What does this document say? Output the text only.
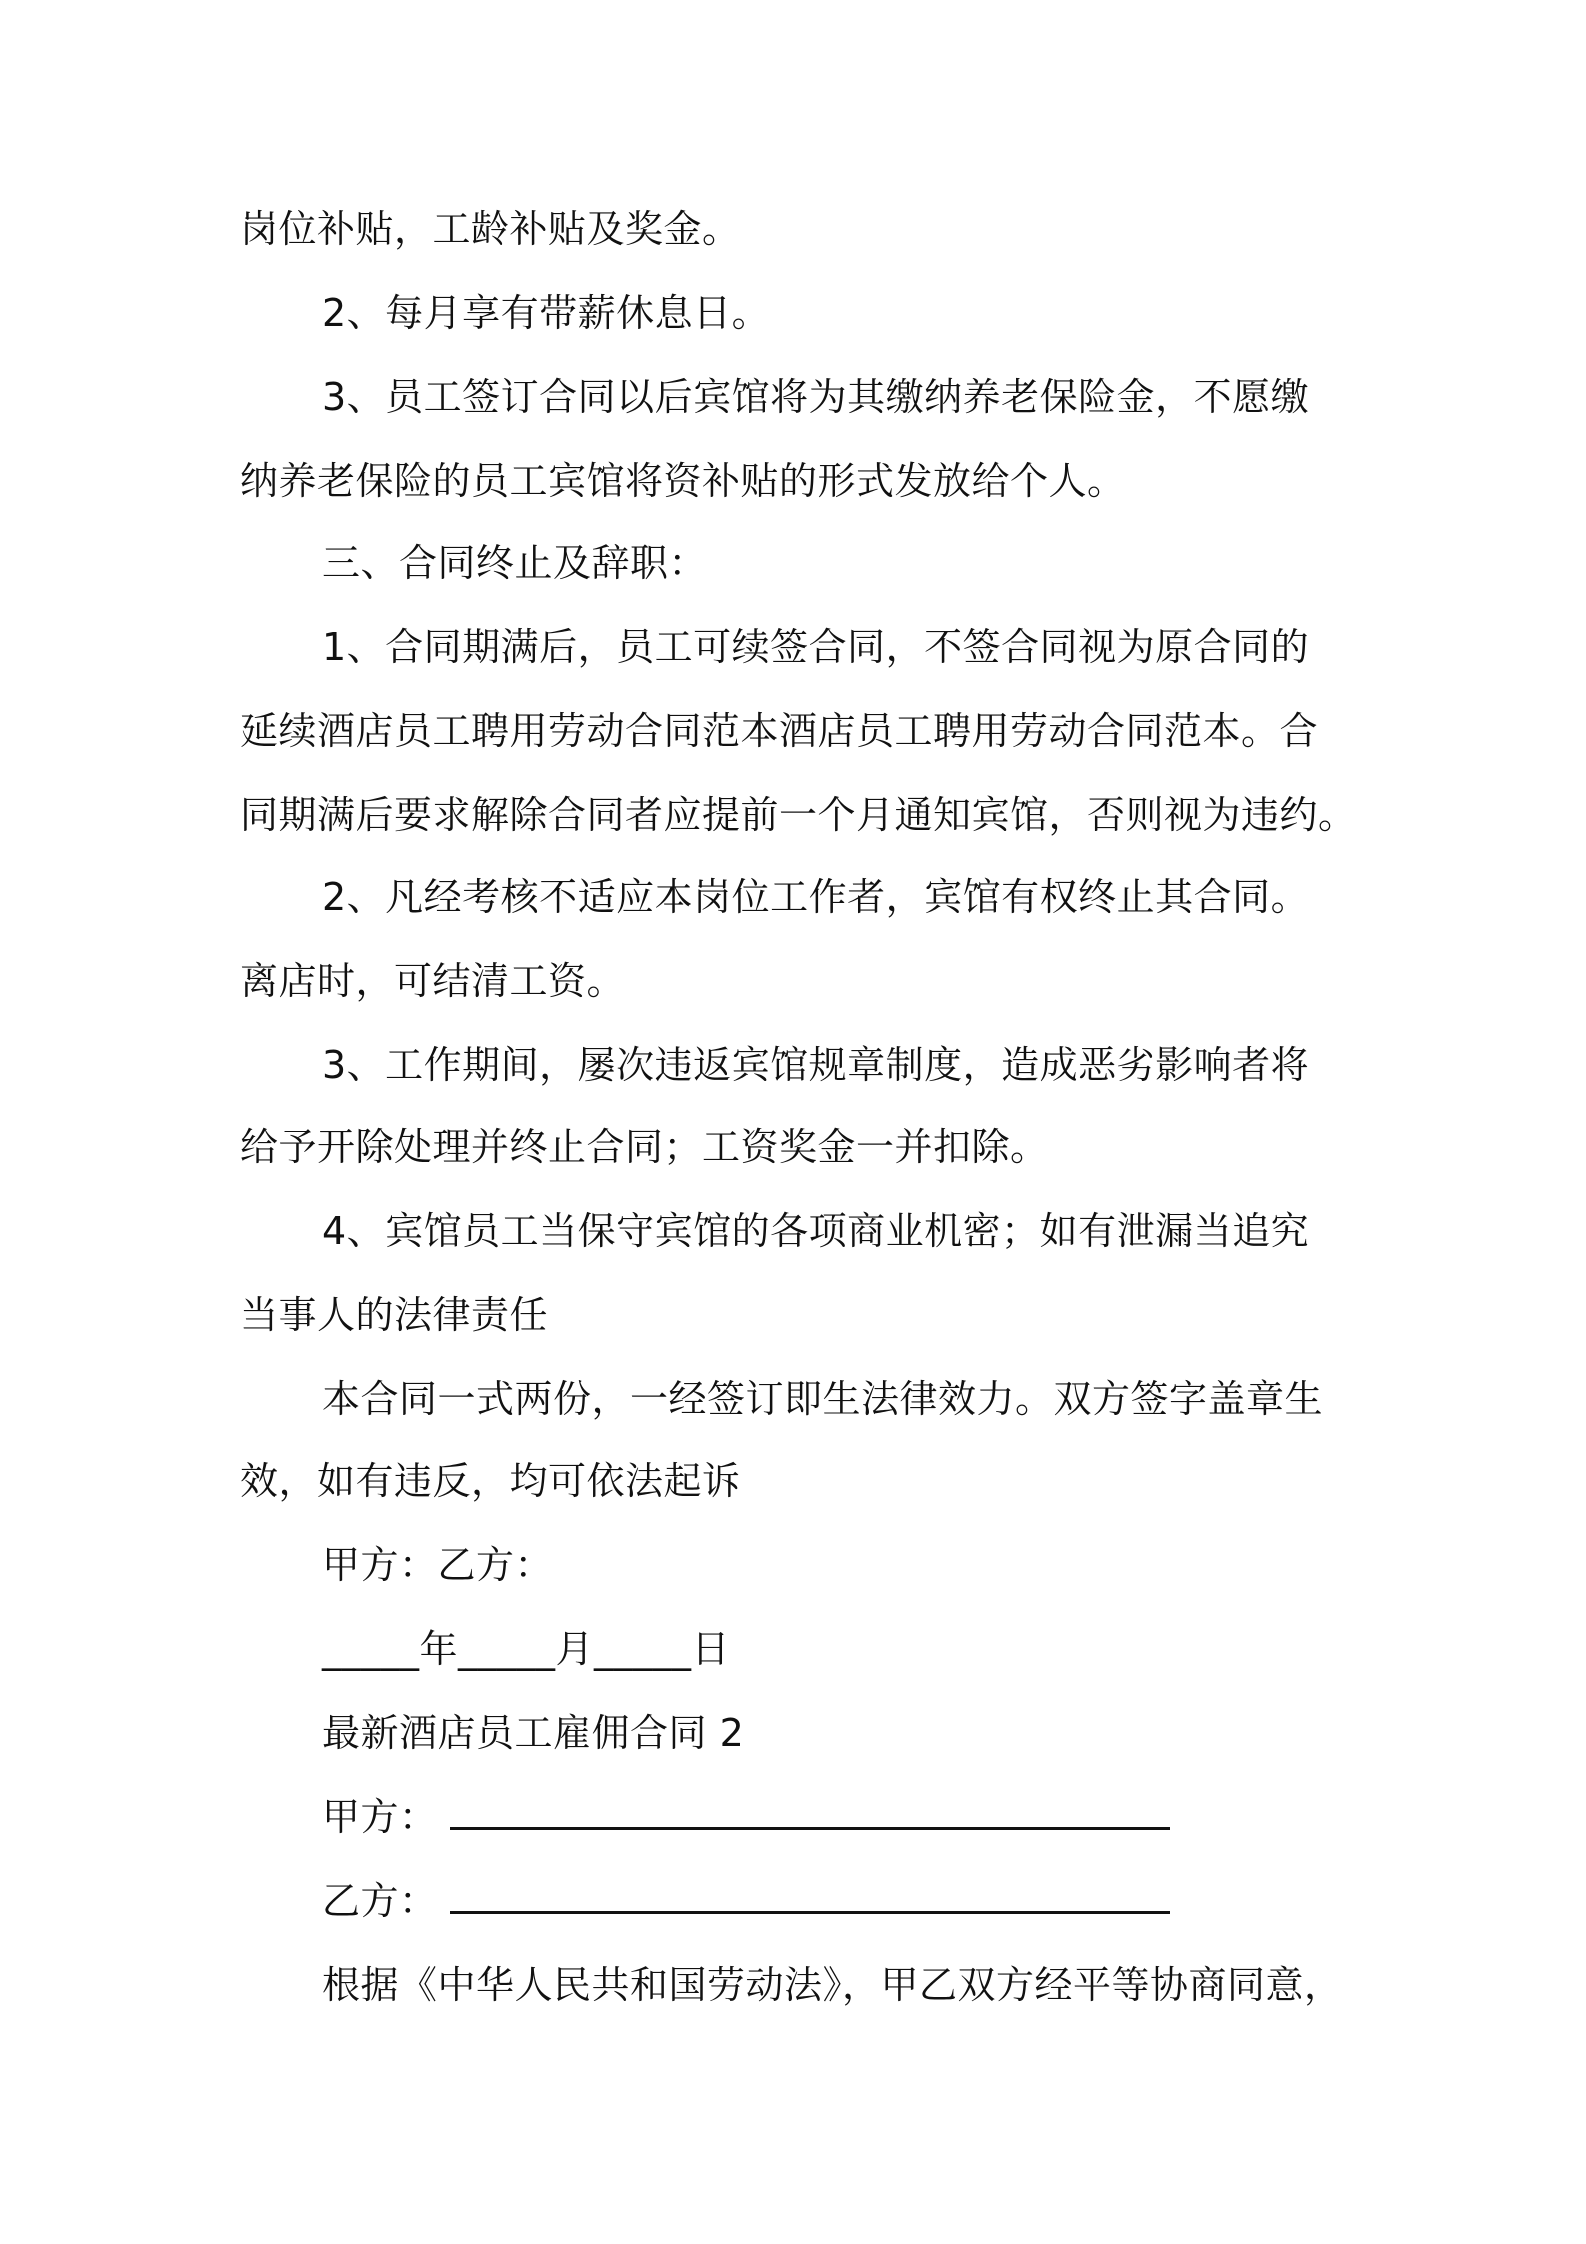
岗位补贴，工龄补贴及奖金。
2、每月享有带薪休息日。
3、员工签订合同以后宾馆将为其缴纳养老保险金，不愿缴
纳养老保险的员工宾馆将资补贴的形式发放给个人。
三、合同终止及辞职：
1、合同期满后，员工可续签合同，不签合同视为原合同的
延续酒店员工聘用劳动合同范本酒店员工聘用劳动合同范本。合
同期满后要求解除合同者应提前一个月通知宾馆，否则视为违约。
2、凡经考核不适应本岗位工作者，宾馆有权终止其合同。
离店时，可结清工资。
3、工作期间，屡次违返宾馆规章制度，造成恶劣影响者将
给予开除处理并终止合同；工资奖金一并扣除。
4、宾馆员工当保守宾馆的各项商业机密；如有泄漏当追究
当事人的法律责任
本合同一式两份，一经签订即生法律效力。双方签字盖章生
效，如有违反，均可依法起诉
甲方：乙方：
_____年_____月_____日
最新酒店员工雇佣合同 2
甲方：
乙方：
根据《中华人民共和国劳动法》，甲乙双方经平等协商同意，
